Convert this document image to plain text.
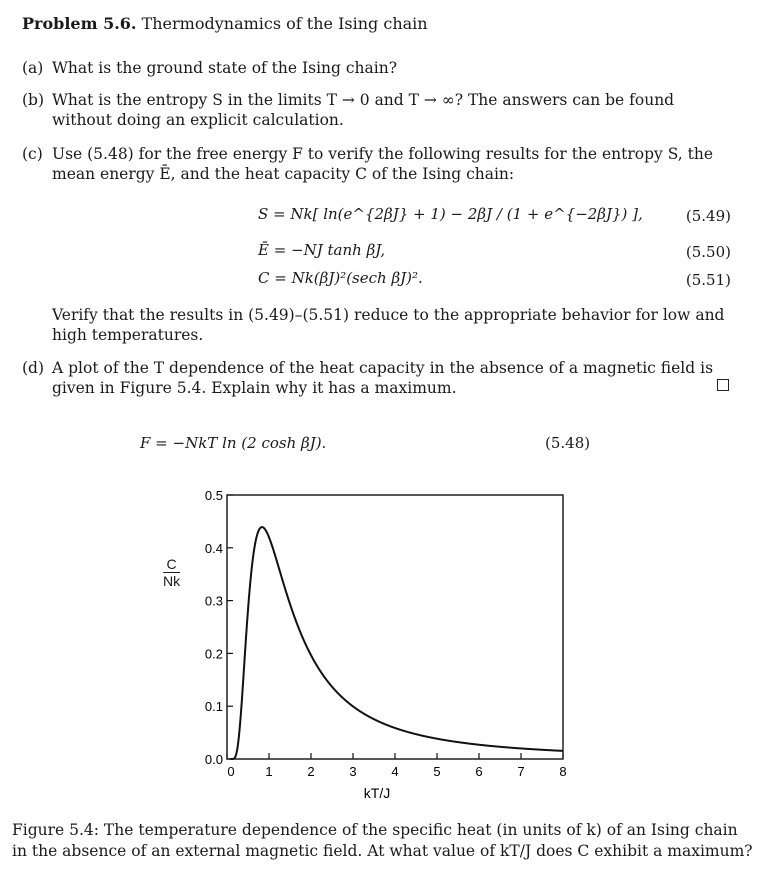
Problem 5.6. Thermodynamics of the Ising chain
(a) What is the ground state of the Ising chain?
(b) What is the entropy S in the limits T → 0 and T → ∞? The answers can be found without doing an explicit calculation.
(c) Use (5.48) for the free energy F to verify the following results for the entropy S, the mean energy Ē, and the heat capacity C of the Ising chain:
S = Nk[ ln(e^{2βJ} + 1) − 2βJ / (1 + e^{−2βJ}) ],	(5.49)
Ē = −NJ tanh βJ,	(5.50)
C = Nk(βJ)²(sech βJ)².	(5.51)
Verify that the results in (5.49)–(5.51) reduce to the appropriate behavior for low and high temperatures.
(d) A plot of the T dependence of the heat capacity in the absence of a magnetic field is given in Figure 5.4. Explain why it has a maximum.
F = −NkT ln (2 cosh βJ).	(5.48)
$\frac{C}{Nk}$
0.0
0.1
0.2
0.3
0.4
0.5
0 1	2	3	4	5	6	7	8
kT/J
Figure 5.4: The temperature dependence of the specific heat (in units of k) of an Ising chain in the absence of an external magnetic field. At what value of kT/J does C exhibit a maximum?
